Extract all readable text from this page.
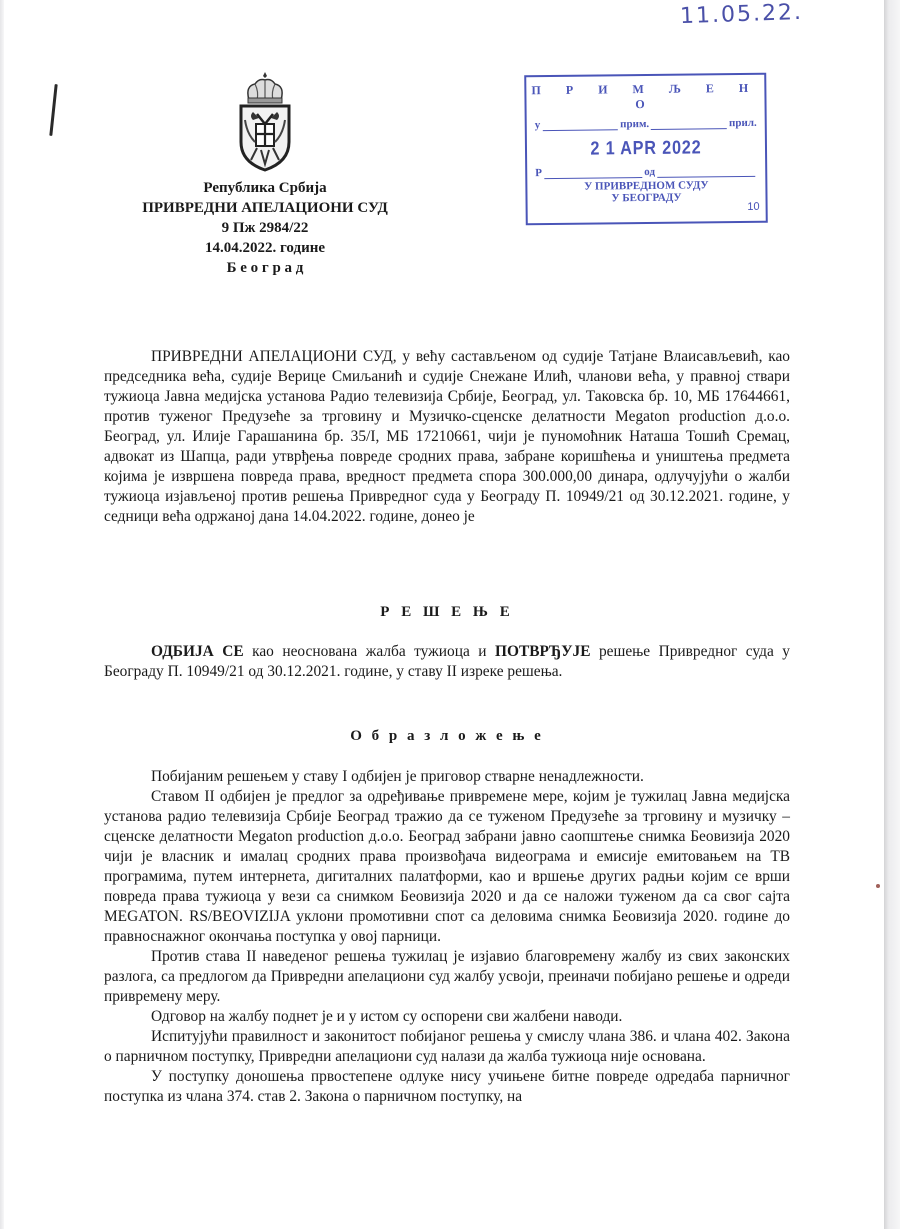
11.05.22.
Република Србија
ПРИВРЕДНИ АПЕЛАЦИОНИ СУД
9 Пж 2984/22
14.04.2022. године
Б е о г р а д
П Р И М Љ Е Н О
у	прим.	прил.
2 1 APR 2022
Р	од
У ПРИВРЕДНОМ СУДУ
У БЕОГРАДУ
10

ПРИВРЕДНИ АПЕЛАЦИОНИ СУД, у већу састављеном од судије Татјане Влаисављевић, као председника већа, судије Верице Смиљанић и судије Снежане Илић, чланови већа, у правној ствари тужиоца Јавна медијска установа Радио телевизија Србије, Београд, ул. Таковска бр. 10, МБ 17644661, против туженог Предузеће за трговину и Музичко-сценске делатности Megaton production д.о.о. Београд, ул. Илије Гарашанина бр. 35/I, МБ 17210661, чији је пуномоћник Наташа Тошић Сремац, адвокат из Шапца, ради утврђења повреде сродних права, забране коришћења и уништења предмета којима је извршена повреда права, вредност предмета спора 300.000,00 динара, одлучујући о жалби тужиоца изјављеној против решења Привредног суда у Београду П. 10949/21 од 30.12.2021. године, у седници већа одржаној дана 14.04.2022. године, донео је

Р Е Ш Е Њ Е

ОДБИЈА СЕ као неоснована жалба тужиоца и ПОТВРЂУЈЕ решење Привредног суда у Београду П. 10949/21 од 30.12.2021. године, у ставу II изреке решења.

О б р а з л о ж е њ е

Побијаним решењем у ставу I одбијен је приговор стварне ненадлежности.

Ставом II одбијен је предлог за одређивање привремене мере, којим је тужилац Јавна медијска установа радио телевизија Србије Београд тражио да се туженом Предузеће за трговину и музичку –сценске делатности Megaton production д.о.о. Београд забрани јавно саопштење снимка Беовизија 2020 чији је власник и ималац сродних права произвођача видеограма и емисије емитовањем на ТВ програмима, путем интернета, дигиталних палатформи, као и вршење других радњи којим се врши повреда права тужиоца у вези са снимком Беовизија 2020 и да се наложи туженом да са свог сајта MEGATON. RS/BEOVIZIJA уклони промотивни спот са деловима снимка Беовизија 2020. године до правноснажног окончања поступка у овој парници.

Против става II наведеног решења тужилац је изјавио благовремену жалбу из свих законских разлога, са предлогом да Привредни апелациони суд жалбу усвоји, преиначи побијано решење и одреди привремену меру.

Одговор на жалбу поднет је и у истом су оспорени сви жалбени наводи.

Испитујући правилност и законитост побијаног решења у смислу члана 386. и члана 402. Закона о парничном поступку, Привредни апелациони суд налази да жалба тужиоца није основана.

У поступку доношења првостепене одлуке нису учињене битне повреде одредаба парничног поступка из члана 374. став 2. Закона о парничном поступку, на
